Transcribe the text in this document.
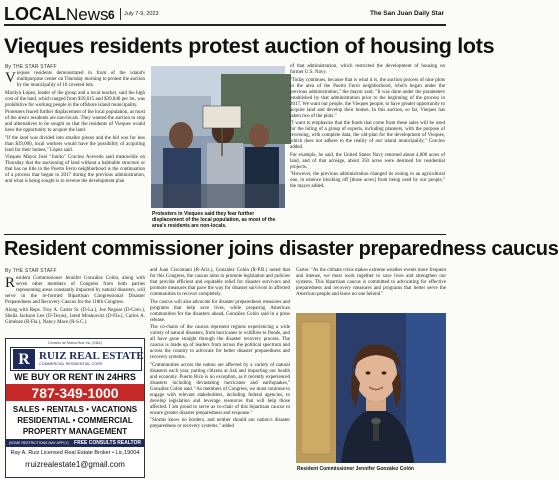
LOCALNews 6 July 7-9, 2023	The San Juan Daily Star
Vieques residents protest auction of housing lots
By THE STAR STAFF

Vieques residents demonstrated in front of the island's multipurpose center on Thursday morning to protest the auction by the municipality of 10 coveted lots.

Marilyn López, leader of the group and a local teacher, said the high cost of the land, which ranged from $39,015 and $39,840 per lot, was prohibitive for working people in the offshore island municipality.

Protesters feared further displacement of the local population, as most of the area's residents are non-locals. They wanted the auction to stop and alternatives to be sought so that the residents of Vieques would have the opportunity to acquire the land.

"If the land was divided into smaller pieces and the bid was for less than $39,000, local workers would have the possibility of acquiring land for their homes," López said.

Vieques Mayor José "Junito" Corcino Acevedo said meanwhile on Thursday that the auctioning of land without a habitable structure or that has no title in the Puerto Ferro neighborhood is the continuation of a process that began in 2017 during the previous administration, and what is being sought is to reverse the development plan

Protesters in Vieques said they fear further displacement of the local population, as most of the area's residents are non-locals.

of that administration, which restricted the development of housing on former U.S. Navy.

"Today continues, because that is what it is, the auction process of nine plots in the area of the Puerto Ferro neighborhood, which began under the previous administration," the mayor said. "It was done under the parameters established by that administration prior to the beginning of the process in 2017. We want our people, the Vieques people, to have greater opportunity to acquire land and develop their homes. In this auction, so far, Vieques has taken two of the plots."

"I want to emphasize that the funds that come from these sales will be used for the hiring of a group of experts, including planners, with the purpose of reversing, with complete data, the old-plan for the development of Vieques, which does not adhere to the reality of our island municipality," Corcino added.

For example, he said, the United States Navy returned about 4,000 acres of land, and of that acreage, about 350 acres were destined for residential projects.

"However, the previous administration changed its zoning to an agricultural one, in essence blocking off [those acres] from being used by our people," the mayor added.

Resident commissioner joins disaster preparedness caucus
By THE STAR STAFF

Resident Commissioner Jennifer González Colón, along with seven other members of Congress from both parties representing areas constantly impacted by natural disasters, will serve in the re-formed Bipartisan Congressional Disaster Preparedness and Recovery Caucus for the 118th Congress.

Along with Reps. Troy A. Carter Sr. (D-La.), Joe Neguse (D-Colo.), Sheila Jackson Lee (D-Texas), Jared Moskowitz (D-Fla.), Carlos A. Giménez (R-Fla.), Nancy Mace (R-S.C.)

Dominio de Marca Ruiz Inc. (DBA)
R RUIZ REAL ESTATE
COMMERCIAL RESIDENTIAL CORP.
WE BUY OR RENT IN 24HRS
787-349-1000
SALES • RENTALS • VACATIONS
RESIDENTIAL • COMMERCIAL
PROPERTY MANAGEMENT
(SOME RESTRICTIONS MAY APPLY) FREE CONSULTS REALTOR
Ray A. Ruiz Licensed Real Estate Broker • Lic.19004
rruizrealestate1@gmail.com

and Juan Ciscomani (R-Ariz.), González Colón (R-P.R.) noted that for this Congress, the caucus aims to promote legislation and policies that provide efficient and equitable relief for disaster survivors and promote measures that pave the way for disaster survivors in affected communities to recover completely.

The caucus will also advocate for disaster preparedness measures and programs that help save lives, while preparing American communities for the disasters ahead, González Colón said in a press release.

The co-chairs of the caucus represent regions experiencing a wide variety of natural disasters, from hurricanes to wildfires to floods, and all have gone straight through the disaster recovery process. The caucus is made up of leaders from across the political spectrum and across the country to advocate for better disaster preparedness and recovery systems.

"Communities across the nation are affected by a variety of natural disasters each year, putting citizens at risk and impacting our health and economy. Puerto Rico is no exception, as it recently experienced disasters including devastating hurricanes and earthquakes," González Colón said. "As members of Congress, we must continue to engage with relevant stakeholders, including federal agencies, to develop legislation and leverage resources that will help those affected. I am proud to serve as co-chair of this bipartisan caucus to ensure greater disaster preparedness and response."

"Storms know no borders, and neither should our nation's disaster preparedness or recovery systems," added

Carter. "As the climate crisis makes extreme weather events more frequent and intense, we must work together to save lives and strengthen our systems. This bipartisan caucus is committed to advocating for effective preparedness and recovery measures and programs that better serve the American people and leave no one behind."

Resident Commissioner Jennifer González Colón
